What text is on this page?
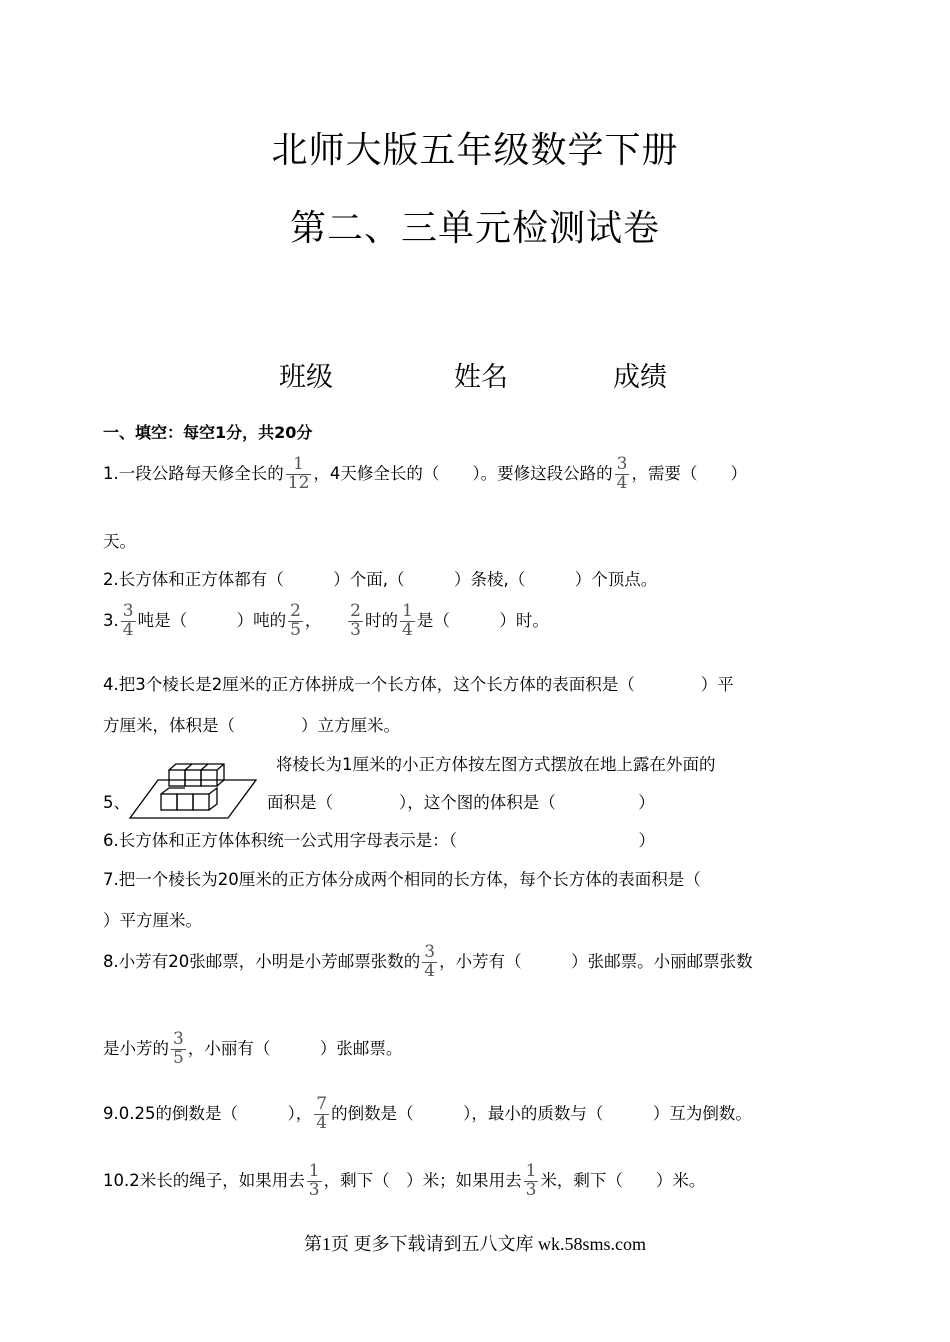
北师大版五年级数学下册
第二、三单元检测试卷
班级	姓名	成绩
一、填空：每空1分，共20分
1.一段公路每天修全长的 $\frac{1}{12}$ ，4天修全长的（　　）。要修这段公路的 $\frac{3}{4}$ ，需要（　　）
天。
2.长方体和正方体都有（　　　）个面,（　　　）条棱,（　　　）个顶点。
3. $\frac{3}{4}$ 吨是（　　　）吨的 $\frac{2}{5}$ ，　　 $\frac{2}{3}$ 时的 $\frac{1}{4}$ 是（　　　）时。
4.把3个棱长是2厘米的正方体拼成一个长方体，这个长方体的表面积是（　　　　）平
方厘米，体积是（　　　　）立方厘米。
5、
将棱长为1厘米的小正方体按左图方式摆放在地上露在外面的
面积是（　　　　），这个图的体积是（　　　　　）
6.长方体和正方体体积统一公式用字母表示是：（　　　　　　　　　　　）
7.把一个棱长为20厘米的正方体分成两个相同的长方体，每个长方体的表面积是（
）平方厘米。
8.小芳有20张邮票，小明是小芳邮票张数的 $\frac{3}{4}$ ，小芳有（　　　）张邮票。小丽邮票张数
是小芳的 $\frac{3}{5}$ ，小丽有（　　　）张邮票。
9.0.25的倒数是（　　　）， $\frac{7}{4}$ 的倒数是（　　　），最小的质数与（　　　）互为倒数。
10.2米长的绳子，如果用去 $\frac{1}{3}$ ，剩下（　）米；如果用去 $\frac{1}{3}$ 米，剩下（　　）米。
第1页 更多下载请到五八文库 wk.58sms.com
